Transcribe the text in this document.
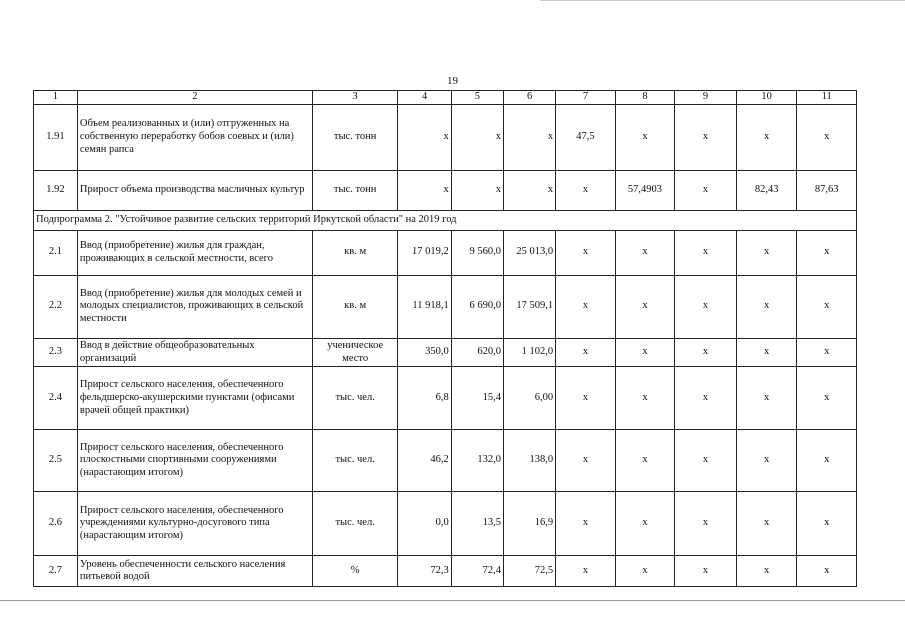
19
1	2	3	4	5	6	7	8	9	10	11
1.91	Объем реализованных и (или) отгруженных на собственную переработку бобов соевых и (или) семян рапса	тыс. тонн	x	x	x	47,5	x	x	x	x
1.92	Прирост объема производства масличных культур	тыс. тонн	x	x	x	x	57,4903	x	82,43	87,63
Подпрограмма 2. "Устойчивое развитие сельских территорий Иркутской области" на 2019 год										
2.1	Ввод (приобретение) жилья для граждан, проживающих в сельской местности, всего	кв. м	17 019,2	9 560,0	25 013,0	x	x	x	x	x
2.2	Ввод (приобретение) жилья для молодых семей и молодых специалистов, проживающих в сельской местности	кв. м	11 918,1	6 690,0	17 509,1	x	x	x	x	x
2.3	Ввод в действие общеобразовательных организаций	ученическое место	350,0	620,0	1 102,0	x	x	x	x	x
2.4	Прирост сельского населения, обеспеченного фельдшерско-акушерскими пунктами (офисами врачей общей практики)	тыс. чел.	6,8	15,4	6,00	x	x	x	x	x
2.5	Прирост сельского населения, обеспеченного плоскостными спортивными сооружениями (нарастающим итогом)	тыс. чел.	46,2	132,0	138,0	x	x	x	x	x
2.6	Прирост сельского населения, обеспеченного учреждениями культурно-досугового типа (нарастающим итогом)	тыс. чел.	0,0	13,5	16,9	x	x	x	x	x
2.7	Уровень обеспеченности сельского населения питьевой водой	%	72,3	72,4	72,5	x	x	x	x	x
